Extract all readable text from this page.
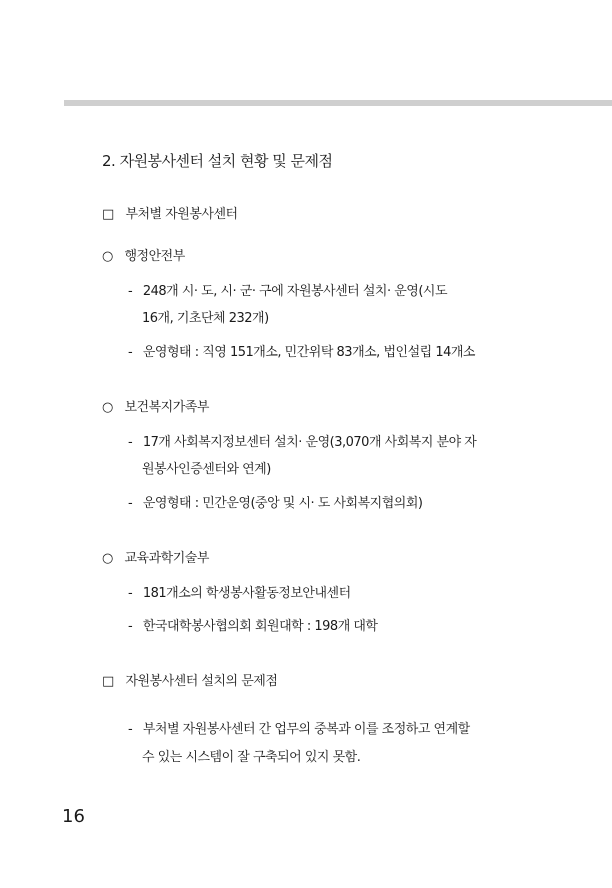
2. 자원봉사센터 설치 현황 및 문제점
□ 부처별 자원봉사센터
○ 행정안전부
- 248개 시· 도, 시· 군· 구에 자원봉사센터 설치· 운영(시도
16개, 기초단체 232개)
- 운영형태 : 직영 151개소, 민간위탁 83개소, 법인설립 14개소
○ 보건복지가족부
- 17개 사회복지정보센터 설치· 운영(3,070개 사회복지 분야 자
원봉사인증센터와 연계)
- 운영형태 : 민간운영(중앙 및 시· 도 사회복지협의회)
○ 교육과학기술부
- 181개소의 학생봉사활동정보안내센터
- 한국대학봉사협의회 회원대학 : 198개 대학
□ 자원봉사센터 설치의 문제점
- 부처별 자원봉사센터 간 업무의 중복과 이를 조정하고 연계할
수 있는 시스템이 잘 구축되어 있지 못함.
16
